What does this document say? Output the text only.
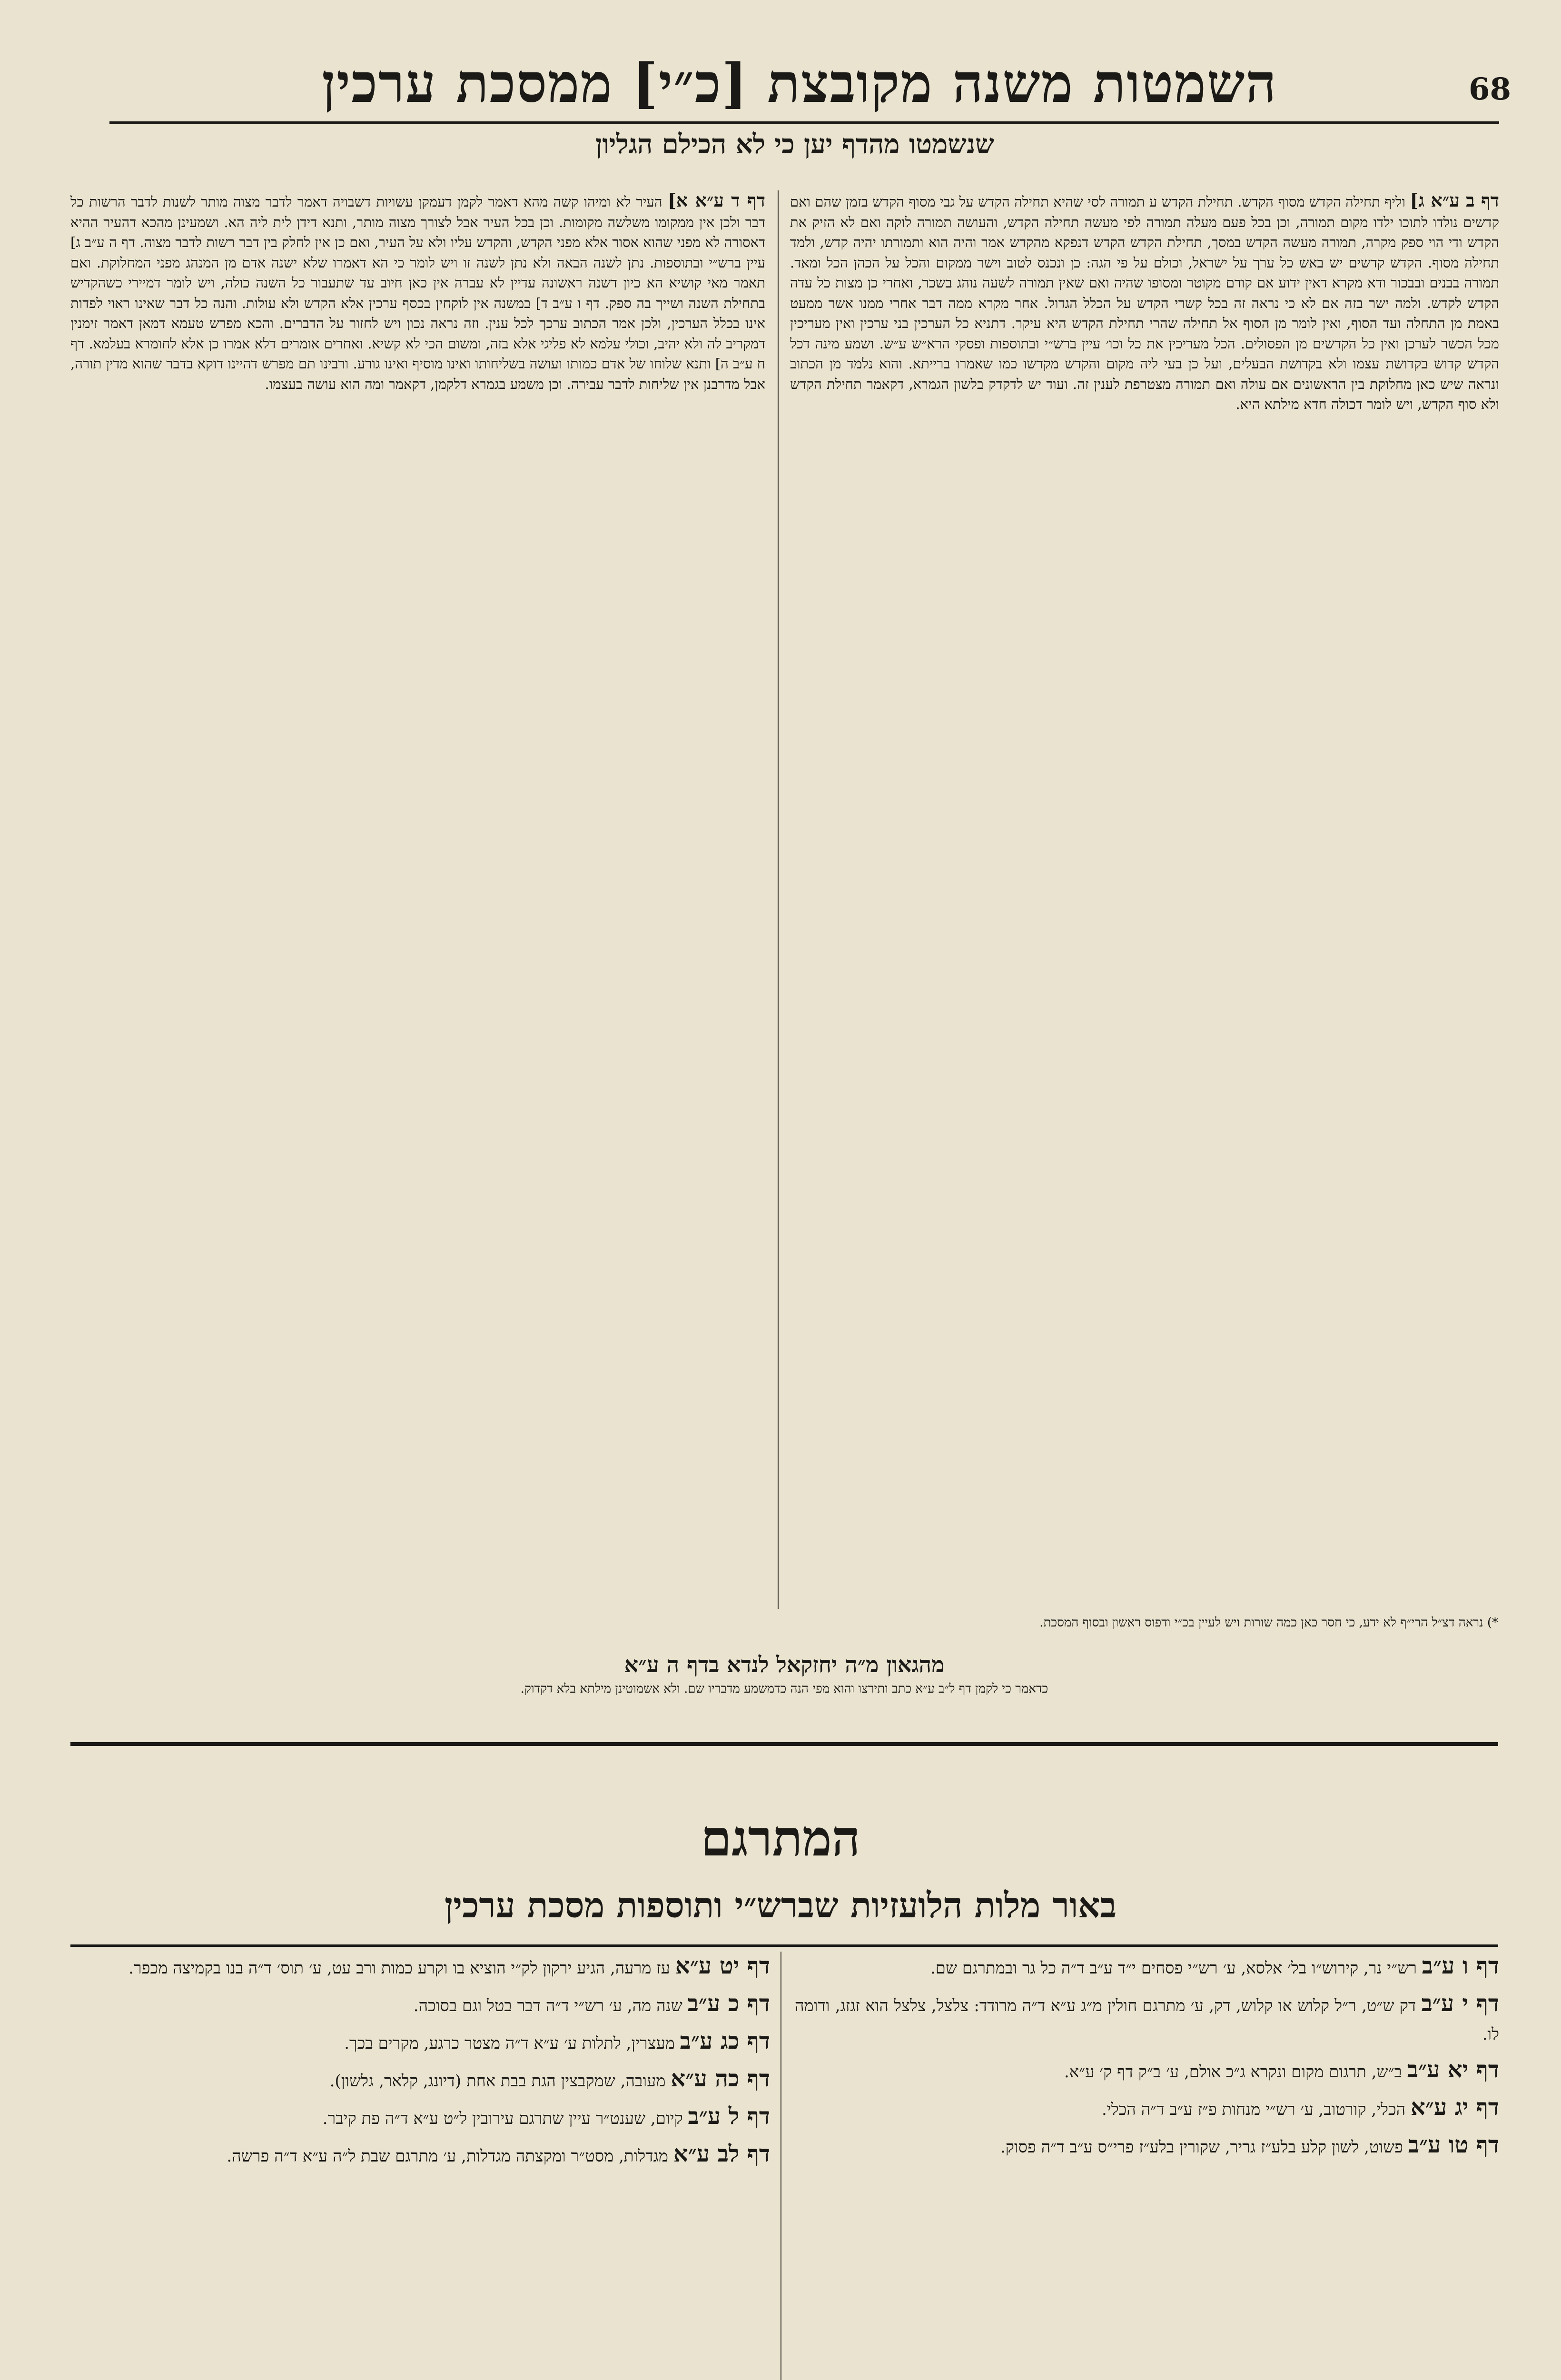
68
השמטות משנה מקובצת [כ״י] ממסכת ערכין
שנשמטו מהדף יען כי לא הכילם הגליון
דף ב ע״א ג] וליף תחילה הקדש מסוף הקדש. תחילת הקדש ע תמורה לסי שהיא תחילה הקדש על גבי מסוף הקדש בזמן שהם ואם קדשים נולדו לתוכו ילדו מקום תמורה, וכן בכל פעם מעלה תמורה לפי מעשה תחילה הקדש, והעושה תמורה לוקה ואם לא הזיק את הקדש ודי הוי ספק מקרה, תמורה מעשה הקדש במסך, תחילת הקדש הקדש דנפקא מהקדש אמר והיה הוא ותמורתו יהיה קדש, ולמד תחילה מסוף. הקדש קדשים יש באש כל ערך על ישראל, וכולם על פי הגה: כן ונכנס לטוב וישר ממקום והכל על הכהן הכל ומאד. תמורה בבנים ובבכור ודא מקרא דאין ידוע אם קודם מקוטר ומסופו שהיה ואם שאין תמורה לשעה נוהג בשכר, ואחרי כן מצות כל עדה הקדש לקדש. ולמה ישר בזה אם לא כי נראה זה בכל קשרי הקדש על הכלל הגדול. אחר מקרא ממה דבר אחרי ממנו אשר ממעט באמת מן התחלה ועד הסוף, ואין לומר מן הסוף אל תחילה שהרי תחילת הקדש היא עיקר. דתניא כל הערכין בני ערכין ואין מעריכין מכל הכשר לערכן ואין כל הקדשים מן הפסולים. הכל מעריכין את כל וכו׳ עיין ברש״י ובתוספות ופסקי הרא״ש ע״ש. ושמע מינה דכל הקדש קדוש בקדושת עצמו ולא בקדושת הבעלים, ועל כן בעי ליה מקום והקדש מקדשו כמו שאמרו ברייתא. והוא נלמד מן הכתוב ונראה שיש כאן מחלוקת בין הראשונים אם עולה ואם תמורה מצטרפת לענין זה. ועוד יש לדקדק בלשון הגמרא, דקאמר תחילת הקדש ולא סוף הקדש, ויש לומר דכולה חדא מילתא היא.
דף ד ע״א א] העיר לא ומיהו קשה מהא דאמר לקמן דעמקן עשויות דשבויה דאמר לדבר מצוה מותר לשנות לדבר הרשות כל דבר ולכן אין ממקומו משלשה מקומות. וכן בכל העיר אבל לצורך מצוה מותר, ותנא דידן לית ליה הא. ושמעינן מהכא דהעיר ההיא דאסורה לא מפני שהוא אסור אלא מפני הקדש, והקדש עליו ולא על העיר, ואם כן אין לחלק בין דבר רשות לדבר מצוה. דף ה ע״ב ג] עיין ברש״י ובתוספות. נתן לשנה הבאה ולא נתן לשנה זו ויש לומר כי הא דאמרו שלא ישנה אדם מן המנהג מפני המחלוקת. ואם תאמר מאי קושיא הא כיון דשנה ראשונה עדיין לא עברה אין כאן חיוב עד שתעבור כל השנה כולה, ויש לומר דמיירי כשהקדיש בתחילת השנה ושייך בה ספק. דף ו ע״ב ד] במשנה אין לוקחין בכסף ערכין אלא הקדש ולא עולות. והנה כל דבר שאינו ראוי לפדות אינו בכלל הערכין, ולכן אמר הכתוב ערכך לכל ענין. וזה נראה נכון ויש לחזור על הדברים. והכא מפרש טעמא דמאן דאמר זימנין דמקריב לה ולא יהיב, וכולי עלמא לא פליגי אלא בזה, ומשום הכי לא קשיא. ואחרים אומרים דלא אמרו כן אלא לחומרא בעלמא. דף ח ע״ב ה] ותנא שלוחו של אדם כמותו ועושה בשליחותו ואינו מוסיף ואינו גורע. ורבינו תם מפרש דהיינו דוקא בדבר שהוא מדין תורה, אבל מדרבנן אין שליחות לדבר עבירה. וכן משמע בגמרא דלקמן, דקאמר ומה הוא עושה בעצמו.
*) נראה דצ״ל הרי״ף לא ידע, כי חסר כאן כמה שורות ויש לעיין בכ״י ודפוס ראשון ובסוף המסכת.
מהגאון מ״ה יחזקאל לנדא בדף ה ע״א
כדאמר כי לקמן דף ל״ב ע״א כתב ותירצו והוא מפי הנה כדמשמע מדבריו שם. ולא אשמוטינן מילתא בלא דקדוק.
המתרגם
באור מלות הלועזיות שברש״י ותוספות מסכת ערכין

דף ו ע״ב רש״י נר, קירוש״ו בל׳ אלסא, ע׳ רש״י פסחים י״ד ע״ב ד״ה כל גר ובמתרגם שם.

דף י ע״ב דק ש״ט, ר״ל קלוש או קלוש, דק, ע׳ מתרגם חולין מ״ג ע״א ד״ה מרודד: צלצל, צלצל הוא זגזג, ודומה לו.

דף יא ע״ב ב״ש, תרגום מקום ונקרא ג״כ אולם, ע׳ ב״ק דף ק׳ ע״א.

דף יג ע״א הכלי, קורטוב, ע׳ רש״י מנחות פ״ז ע״ב ד״ה הכלי.

דף טו ע״ב פשוט, לשון קלע בלע״ז גריר, שקורין בלע״ז פרי״ס ע״ב ד״ה פסוק.

דף יט ע״א עז מרעה, הגיע ירקון לק״י הוציא בו וקרע כמות ורב עט, ע׳ תוס׳ ד״ה בנו בקמיצה מכפר.

דף כ ע״ב שנה מה, ע׳ רש״י ד״ה דבר בטל וגם בסוכה.

דף כג ע״ב מעצרין, לתלות ע׳ ע״א ד״ה מצטר כרגע, מקרים בכך.

דף כה ע״א מעובה, שמקבצין הגת בבת אחת (דיונג, קלאר, גלשון).

דף ל ע״ב קיום, שענט״ר עיין שתרגם עירובין ל״ט ע״א ד״ה פת קיבר.

דף לב ע״א מגדלות, מסט״ר ומקצתה מגדלות, ע׳ מתרגם שבת ל״ה ע״א ד״ה פרשה.
